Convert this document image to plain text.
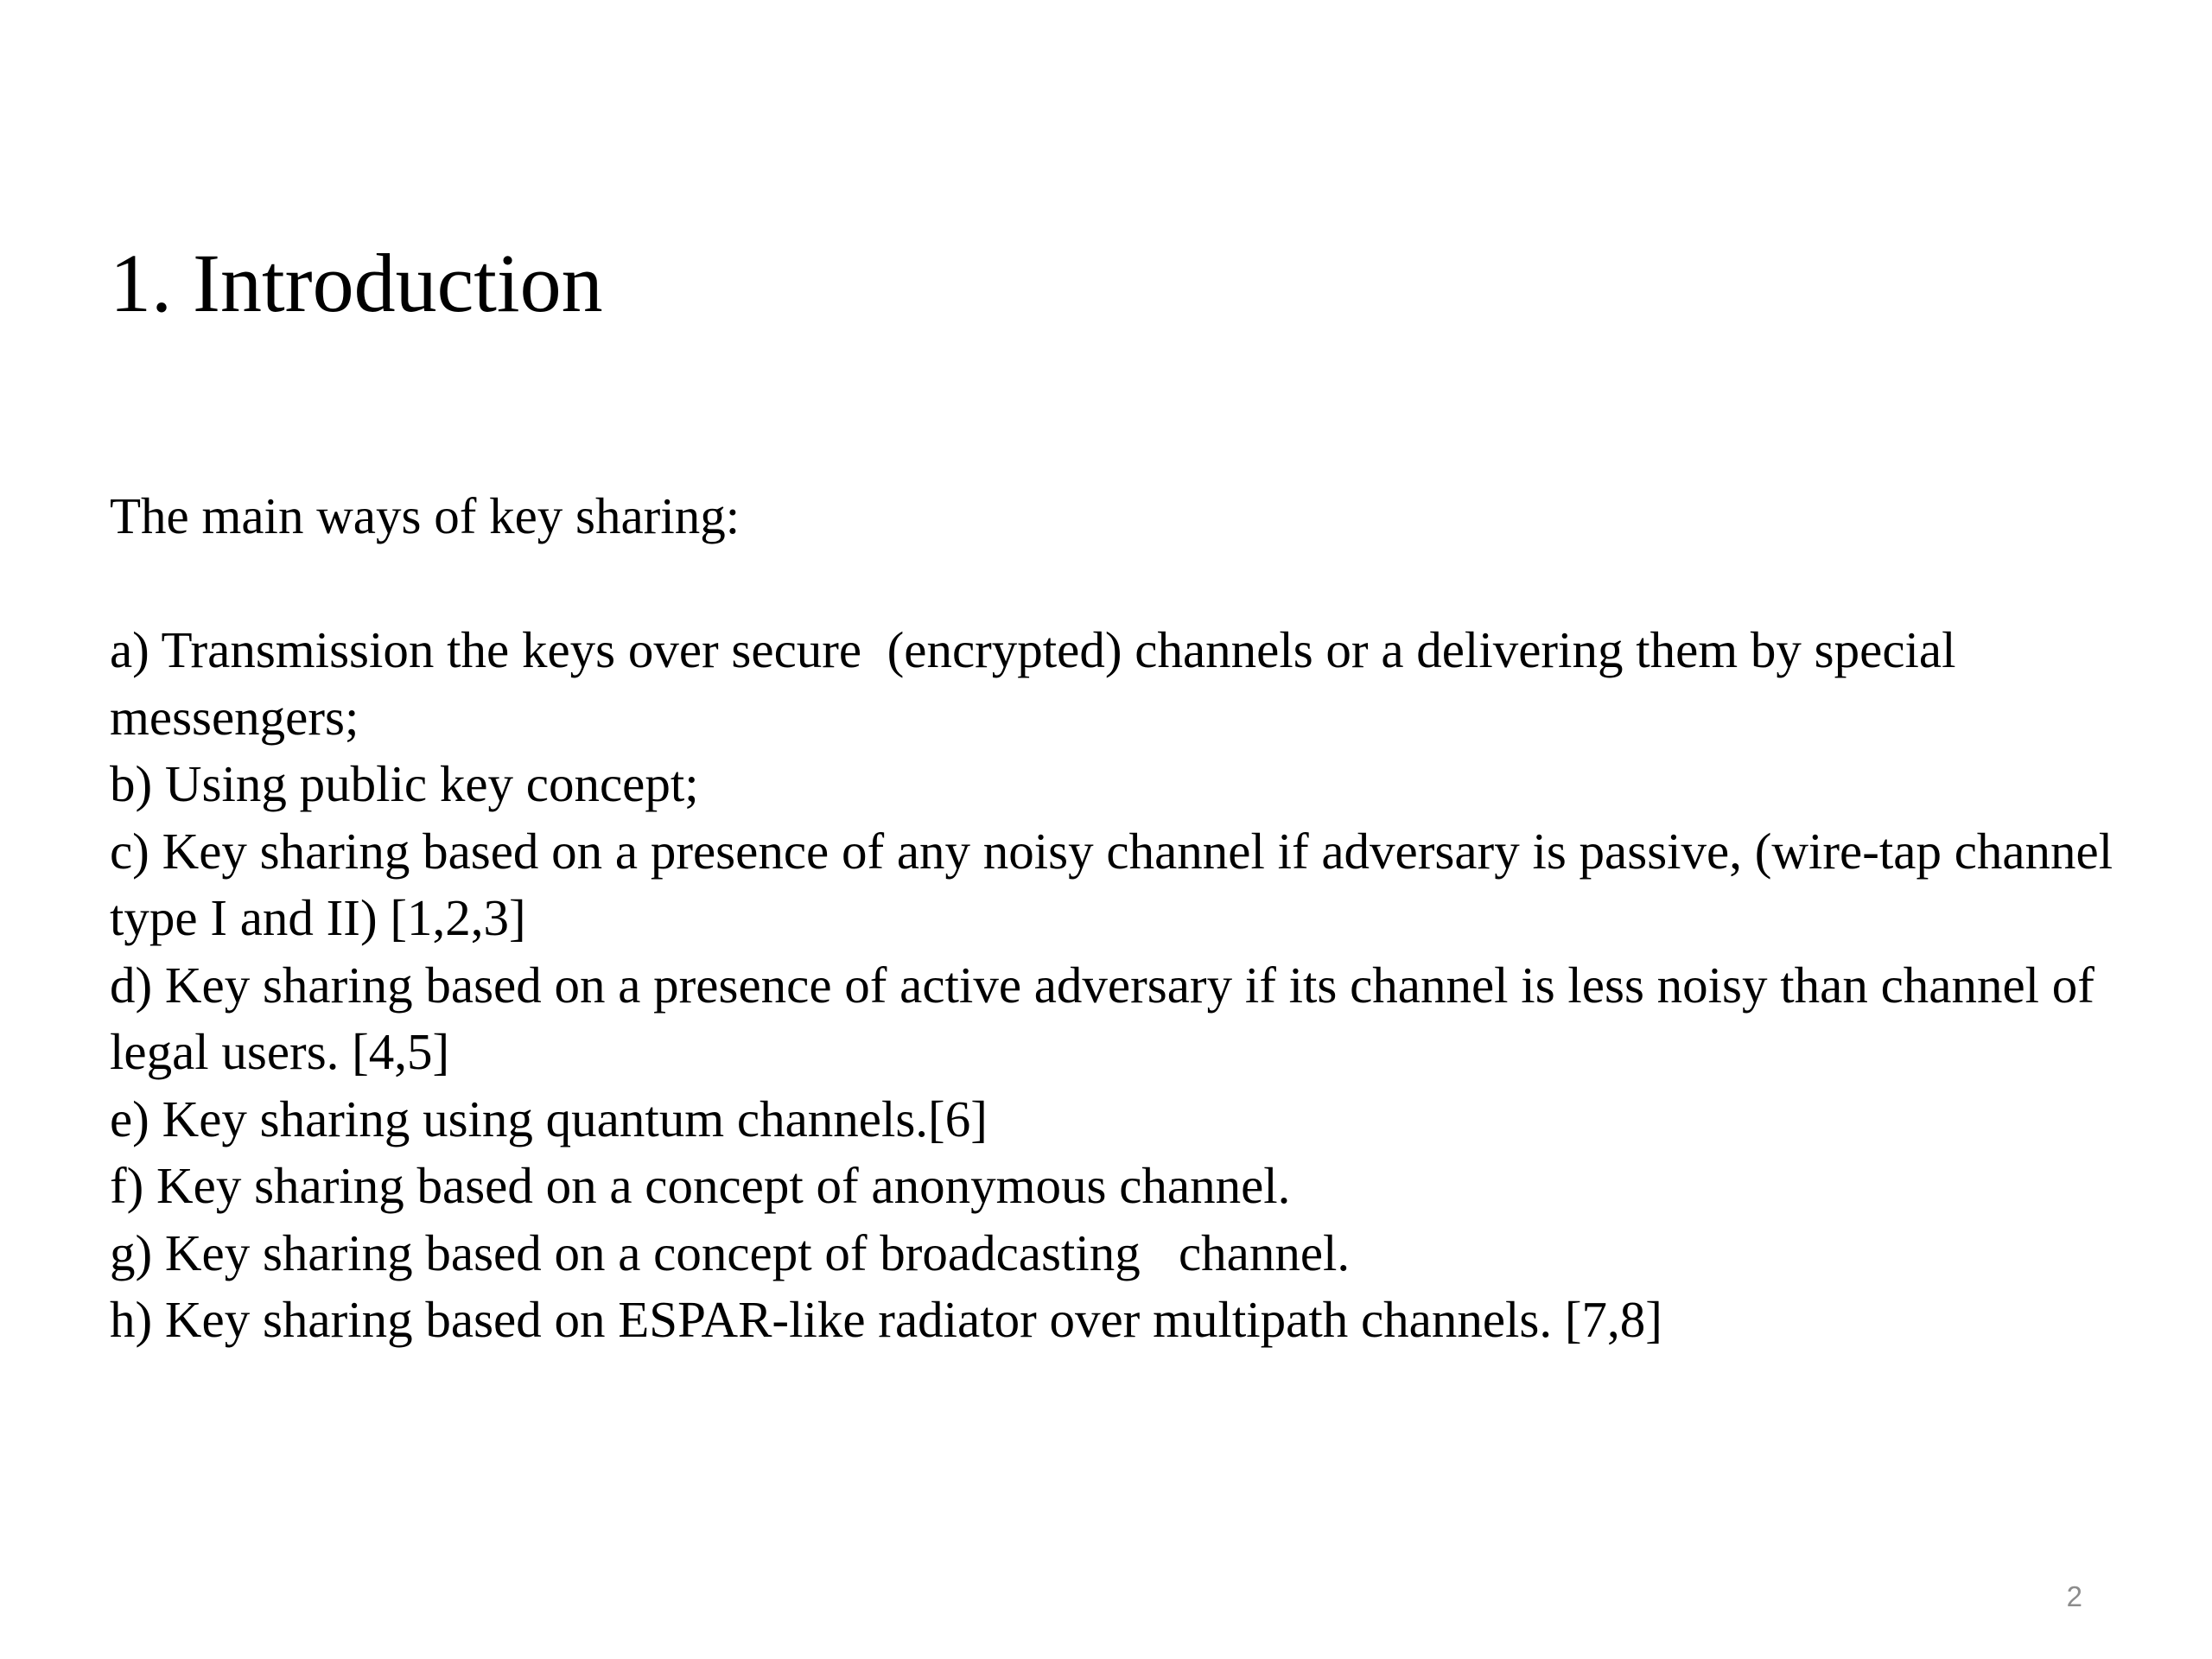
1. Introduction

The main ways of key sharing:

a) Transmission the keys over secure  (encrypted) channels or a delivering them by special messengers;

b) Using public key concept;

c) Key sharing based on a presence of any noisy channel if adversary is passive, (wire-tap channel type I and II) [1,2,3]

d) Key sharing based on a presence of active adversary if its channel is less noisy than channel of legal users. [4,5]

e) Key sharing using quantum channels.[6]

f) Key sharing based on a concept of anonymous channel.

g) Key sharing based on a concept of broadcasting   channel.

h) Key sharing based on ESPAR-like radiator over multipath channels. [7,8]

2
